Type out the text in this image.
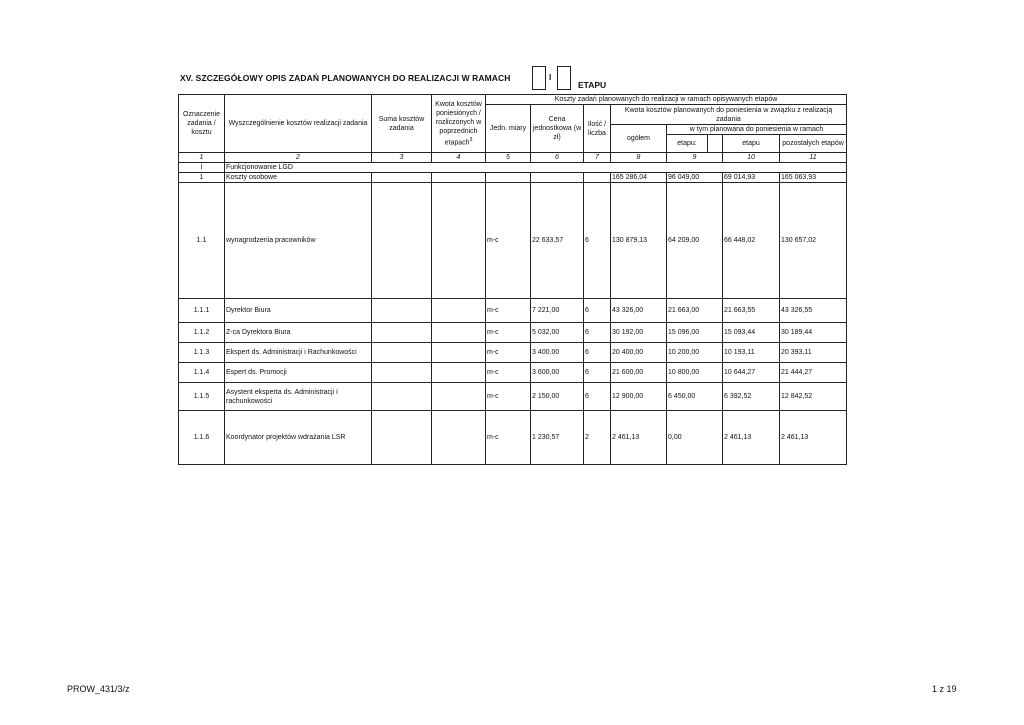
XV. SZCZEGÓŁOWY OPIS ZADAŃ PLANOWANYCH DO REALIZACJI W RAMACH	I
ETAPU
Oznaczenie zadania / kosztu	Wyszczególnienie kosztów realizacji zadania	Suma kosztów zadania	Kwota kosztów poniesionych / rozliczonych w poprzednich etapach$^3$	Koszty zadań planowanych do realizacji w ramach opisywanych etapów							
				Jedn. miary	Cena jednostkowa (w zł)	Ilość / liczba	Kwota kosztów planowanych do poniesienia w związku z realizacją zadania				
							ogółem	w tym planowana do poniesienia w ramach			
								etapu:		etapu	pozostałych etapów
1	2	3	4	5	6	7	8	9		10	11
I	Funkcjonowanie LGD										
1	Koszty osobowe						165 286,04	96 049,00		69 014,93	165 063,93
1.1	wynagrodzenia pracowników			m-c	22 633,57	6	130 879,13	64 209,00		66 448,02	130 657,02
1.1.1	Dyrektor Biura			m-c	7 221,00	6	43 326,00	21 663,00		21 663,55	43 326,55
1.1.2	Z-ca Dyrektora Biura			m-c	5 032,00	6	30 192,00	15 096,00		15 093,44	30 189,44
1.1.3	Ekspert ds. Administracji i Rachunkowości			m-c	3 400,00	6	20 400,00	10 200,00		10 193,11	20 393,11
1.1.4	Espert ds. Promocji			m-c	3 600,00	6	21 600,00	10 800,00		10 644,27	21 444,27
1.1.5	Asystent eksperta ds. Administracji i rachunkowości			m-c	2 150,00	6	12 900,00	6 450,00		6 392,52	12 842,52
1.1.6	Koordynator projektów wdrażania LSR			m-c	1 230,57	2	2 461,13	0,00		2 461,13	2 461,13
PROW_431/3/z	1 z 19
